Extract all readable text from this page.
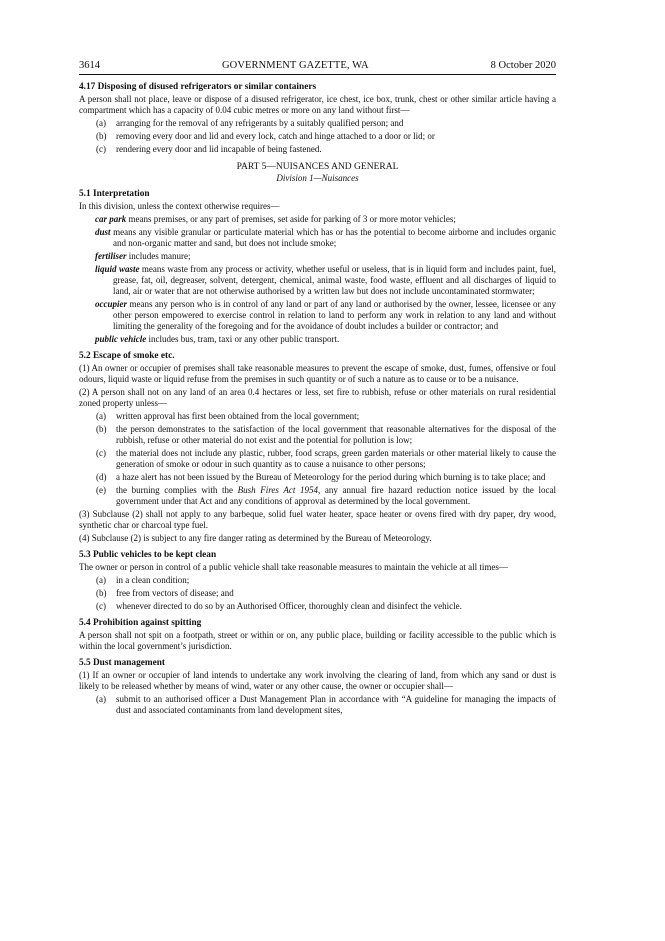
3614	GOVERNMENT GAZETTE, WA	8 October 2020
4.17 Disposing of disused refrigerators or similar containers

A person shall not place, leave or dispose of a disused refrigerator, ice chest, ice box, trunk, chest or other similar article having a compartment which has a capacity of 0.04 cubic metres or more on any land without first—

(a)	arranging for the removal of any refrigerants by a suitably qualified person; and
(b)	removing every door and lid and every lock, catch and hinge attached to a door or lid; or
(c)	rendering every door and lid incapable of being fastened.
PART 5—NUISANCES AND GENERAL
Division 1—Nuisances
5.1 Interpretation

In this division, unless the context otherwise requires—

car park means premises, or any part of premises, set aside for parking of 3 or more motor vehicles;
dust means any visible granular or particulate material which has or has the potential to become airborne and includes organic and non-organic matter and sand, but does not include smoke;
fertiliser includes manure;
liquid waste means waste from any process or activity, whether useful or useless, that is in liquid form and includes paint, fuel, grease, fat, oil, degreaser, solvent, detergent, chemical, animal waste, food waste, effluent and all discharges of liquid to land, air or water that are not otherwise authorised by a written law but does not include uncontaminated stormwater;
occupier means any person who is in control of any land or part of any land or authorised by the owner, lessee, licensee or any other person empowered to exercise control in relation to land to perform any work in relation to any land and without limiting the generality of the foregoing and for the avoidance of doubt includes a builder or contractor; and
public vehicle includes bus, tram, taxi or any other public transport.
5.2 Escape of smoke etc.

(1) An owner or occupier of premises shall take reasonable measures to prevent the escape of smoke, dust, fumes, offensive or foul odours, liquid waste or liquid refuse from the premises in such quantity or of such a nature as to cause or to be a nuisance.

(2) A person shall not on any land of an area 0.4 hectares or less, set fire to rubbish, refuse or other materials on rural residential zoned property unless—

(a)	written approval has first been obtained from the local government;
(b)	the person demonstrates to the satisfaction of the local government that reasonable alternatives for the disposal of the rubbish, refuse or other material do not exist and the potential for pollution is low;
(c)	the material does not include any plastic, rubber, food scraps, green garden materials or other material likely to cause the generation of smoke or odour in such quantity as to cause a nuisance to other persons;
(d)	a haze alert has not been issued by the Bureau of Meteorology for the period during which burning is to take place; and
(e)	the burning complies with the Bush Fires Act 1954, any annual fire hazard reduction notice issued by the local government under that Act and any conditions of approval as determined by the local government.

(3) Subclause (2) shall not apply to any barbeque, solid fuel water heater, space heater or ovens fired with dry paper, dry wood, synthetic char or charcoal type fuel.

(4) Subclause (2) is subject to any fire danger rating as determined by the Bureau of Meteorology.

5.3 Public vehicles to be kept clean

The owner or person in control of a public vehicle shall take reasonable measures to maintain the vehicle at all times—

(a)	in a clean condition;
(b)	free from vectors of disease; and
(c)	whenever directed to do so by an Authorised Officer, thoroughly clean and disinfect the vehicle.
5.4 Prohibition against spitting

A person shall not spit on a footpath, street or within or on, any public place, building or facility accessible to the public which is within the local government’s jurisdiction.

5.5 Dust management

(1) If an owner or occupier of land intends to undertake any work involving the clearing of land, from which any sand or dust is likely to be released whether by means of wind, water or any other cause, the owner or occupier shall—

(a)	submit to an authorised officer a Dust Management Plan in accordance with “A guideline for managing the impacts of dust and associated contaminants from land development sites,
